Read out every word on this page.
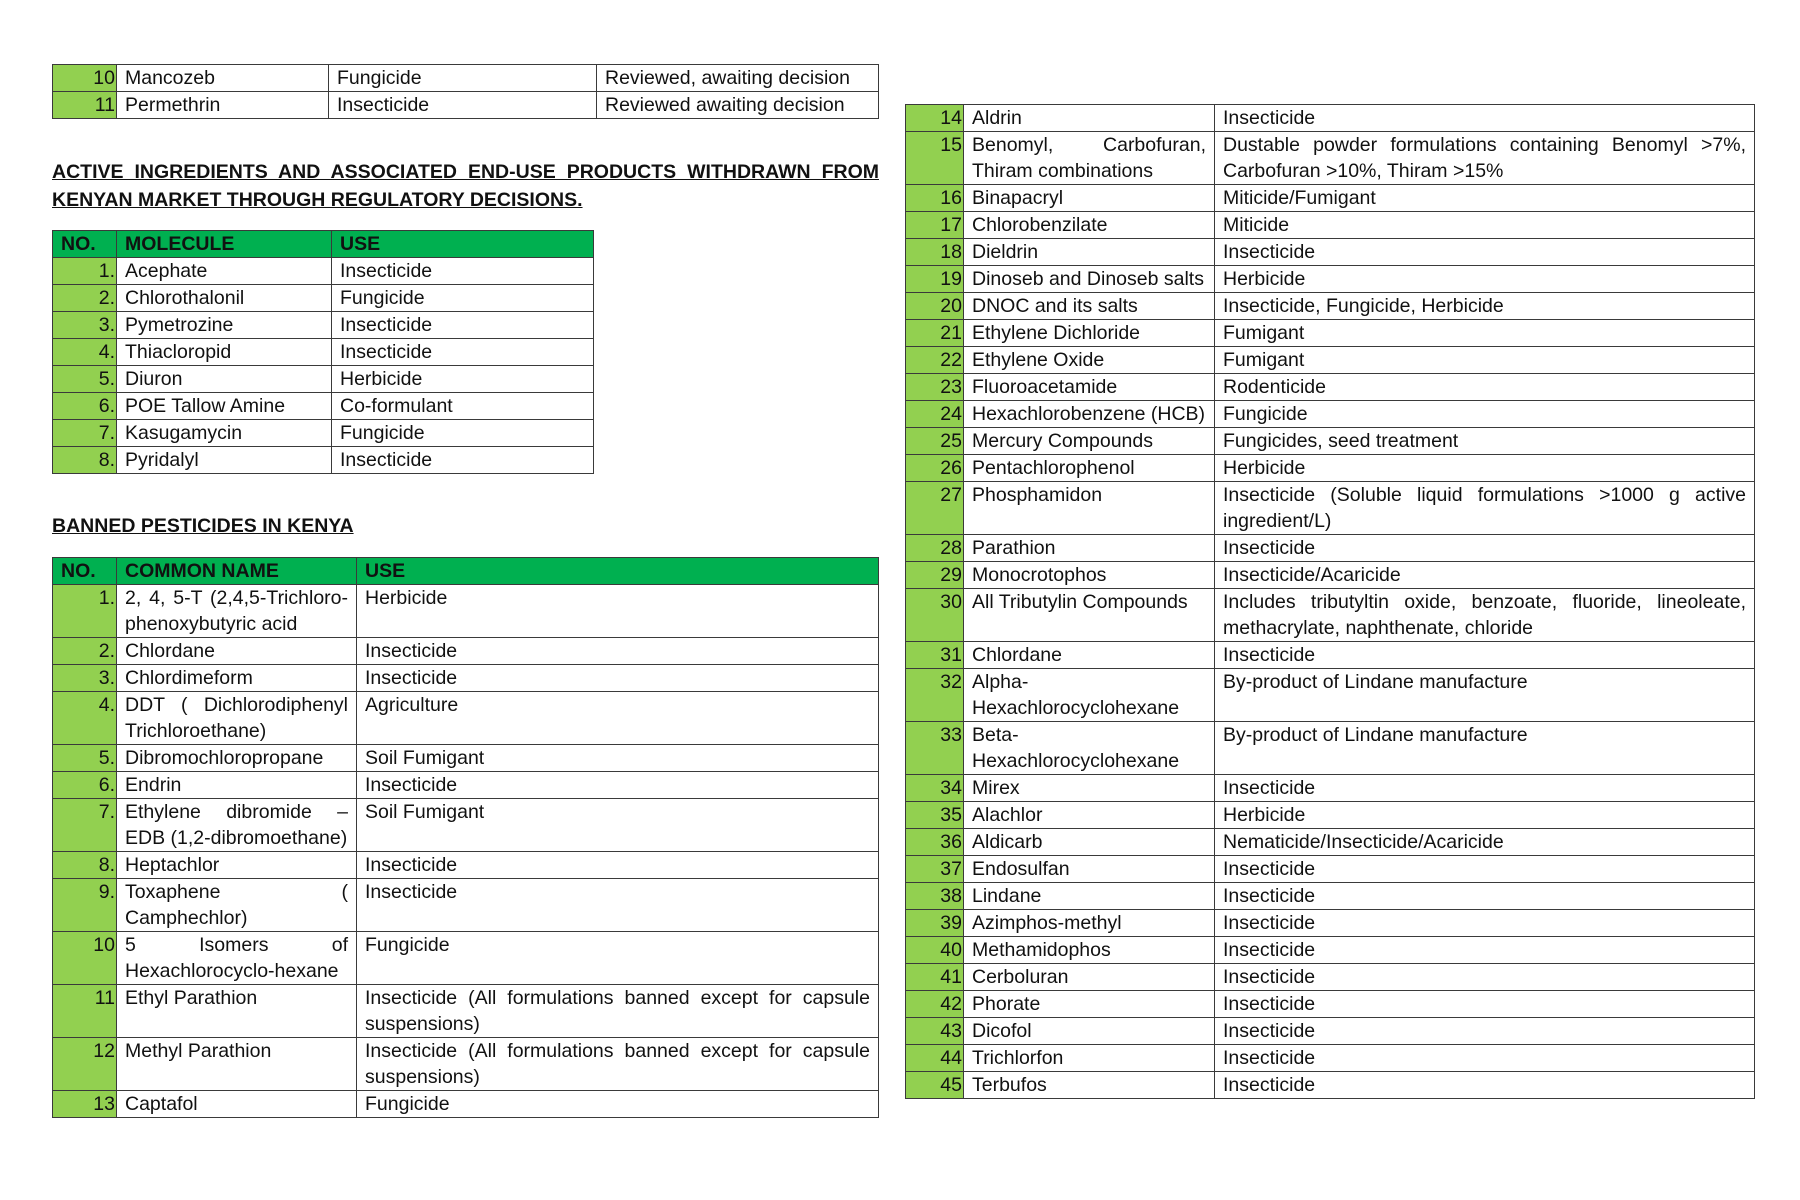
10	Mancozeb	Fungicide	Reviewed, awaiting decision
11	Permethrin	Insecticide	Reviewed awaiting decision
ACTIVE INGREDIENTS AND ASSOCIATED END-USE PRODUCTS WITHDRAWN FROM
KENYAN MARKET THROUGH REGULATORY DECISIONS.
NO.	MOLECULE	USE
1.	Acephate	Insecticide
2.	Chlorothalonil	Fungicide
3.	Pymetrozine	Insecticide
4.	Thiacloropid	Insecticide
5.	Diuron	Herbicide
6.	POE Tallow Amine	Co-formulant
7.	Kasugamycin	Fungicide
8.	Pyridalyl	Insecticide
BANNED PESTICIDES IN KENYA
NO.	COMMON NAME	USE
1.	2, 4, 5-T (2,4,5-Trichloro-phenoxybutyric acid	Herbicide
2.	Chlordane	Insecticide
3.	Chlordimeform	Insecticide
4.	DDT ( Dichlorodiphenyl Trichloroethane)	Agriculture
5.	Dibromochloropropane	Soil Fumigant
6.	Endrin	Insecticide
7.	Ethylene dibromide – EDB (1,2-dibromoethane)	Soil Fumigant
8.	Heptachlor	Insecticide
9.	Toxaphene ( Camphechlor)	Insecticide
10	5 Isomers of Hexachlorocyclo-hexane	Fungicide
11	Ethyl Parathion	Insecticide (All formulations banned except for capsule suspensions)
12	Methyl Parathion	Insecticide (All formulations banned except for capsule suspensions)
13	Captafol	Fungicide
14	Aldrin	Insecticide
15	Benomyl, Carbofuran, Thiram combinations	Dustable powder formulations containing Benomyl >7%, Carbofuran >10%, Thiram >15%
16	Binapacryl	Miticide/Fumigant
17	Chlorobenzilate	Miticide
18	Dieldrin	Insecticide
19	Dinoseb and Dinoseb salts	Herbicide
20	DNOC and its salts	Insecticide, Fungicide, Herbicide
21	Ethylene Dichloride	Fumigant
22	Ethylene Oxide	Fumigant
23	Fluoroacetamide	Rodenticide
24	Hexachlorobenzene (HCB)	Fungicide
25	Mercury Compounds	Fungicides, seed treatment
26	Pentachlorophenol	Herbicide
27	Phosphamidon	Insecticide (Soluble liquid formulations >1000 g active ingredient/L)
28	Parathion	Insecticide
29	Monocrotophos	Insecticide/Acaricide
30	All Tributylin Compounds	Includes tributyltin oxide, benzoate, fluoride, lineoleate, methacrylate, naphthenate, chloride
31	Chlordane	Insecticide
32	Alpha-Hexachlorocyclohexane	By-product of Lindane manufacture
33	Beta-Hexachlorocyclohexane	By-product of Lindane manufacture
34	Mirex	Insecticide
35	Alachlor	Herbicide
36	Aldicarb	Nematicide/Insecticide/Acaricide
37	Endosulfan	Insecticide
38	Lindane	Insecticide
39	Azimphos-methyl	Insecticide
40	Methamidophos	Insecticide
41	Cerboluran	Insecticide
42	Phorate	Insecticide
43	Dicofol	Insecticide
44	Trichlorfon	Insecticide
45	Terbufos	Insecticide
